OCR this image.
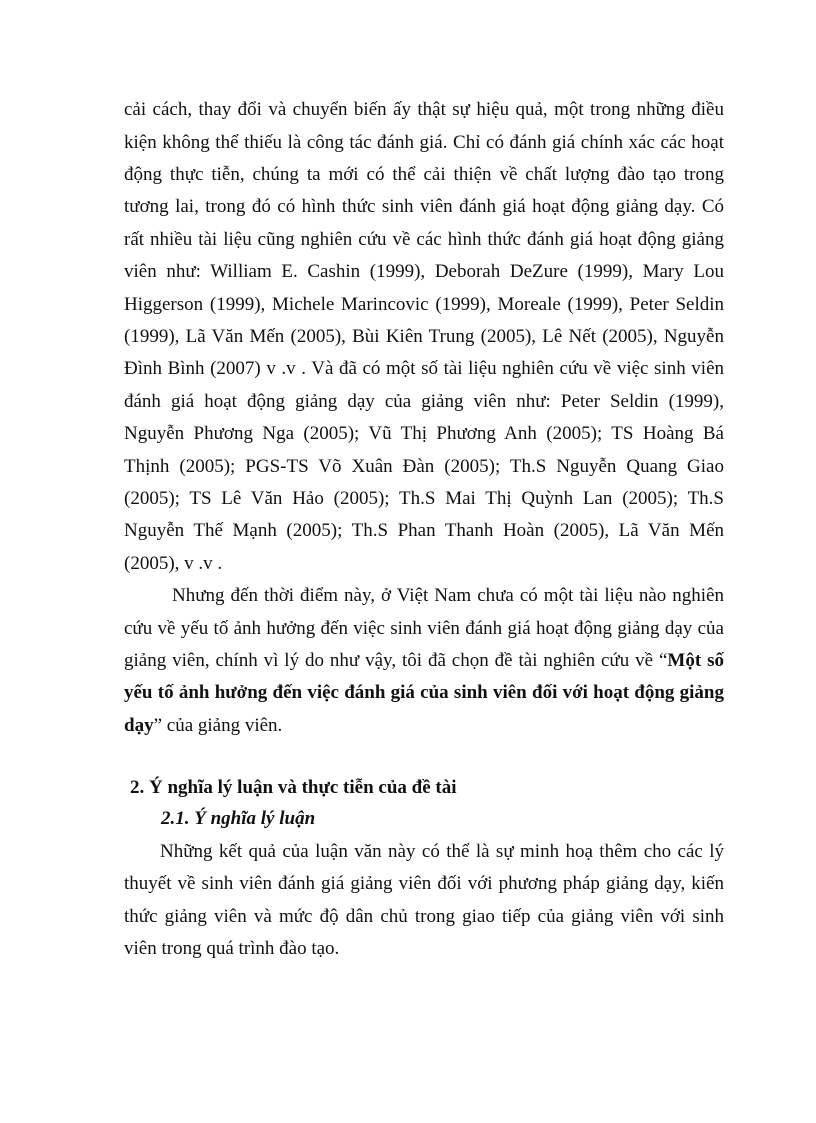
cải cách, thay đổi và chuyển biến ấy thật sự hiệu quả, một trong những điều
kiện không thể thiếu là công tác đánh giá. Chỉ có đánh giá chính xác các hoạt
động thực tiễn, chúng ta mới có thể cải thiện về chất lượng đào tạo trong
tương lai, trong đó có hình thức sinh viên đánh giá hoạt động giảng dạy. Có
rất nhiều tài liệu cũng nghiên cứu về các hình thức đánh giá hoạt động giảng
viên như: William E. Cashin (1999), Deborah DeZure (1999), Mary Lou
Higgerson (1999), Michele Marincovic (1999), Moreale (1999), Peter Seldin
(1999), Lã Văn Mến (2005), Bùi Kiên Trung (2005), Lê Nết (2005), Nguyễn
Đình Bình (2007) v .v . Và đã có một số tài liệu nghiên cứu về việc sinh viên
đánh giá hoạt động giảng dạy của giảng viên như: Peter Seldin (1999),
Nguyễn Phương Nga (2005); Vũ Thị Phương Anh (2005); TS Hoàng Bá
Thịnh (2005); PGS-TS Võ Xuân Đàn (2005); Th.S Nguyễn Quang Giao
(2005); TS Lê Văn Hảo (2005); Th.S Mai Thị Quỳnh Lan (2005); Th.S
Nguyễn Thế Mạnh (2005); Th.S Phan Thanh Hoàn (2005), Lã Văn Mến
(2005), v .v .
Nhưng đến thời điểm này, ở Việt Nam chưa có một tài liệu nào nghiên
cứu về yếu tố ảnh hưởng đến việc sinh viên đánh giá hoạt động giảng dạy của
giảng viên, chính vì lý do như vậy, tôi đã chọn đề tài nghiên cứu về “Một số
yếu tố ảnh hưởng đến việc đánh giá của sinh viên đối với hoạt động giảng
dạy” của giảng viên.
2. Ý nghĩa lý luận và thực tiễn của đề tài
2.1. Ý nghĩa lý luận
Những kết quả của luận văn này có thể là sự minh hoạ thêm cho các lý
thuyết về sinh viên đánh giá giảng viên đối với phương pháp giảng dạy, kiến
thức giảng viên và mức độ dân chủ trong giao tiếp của giảng viên với sinh
viên trong quá trình đào tạo.
